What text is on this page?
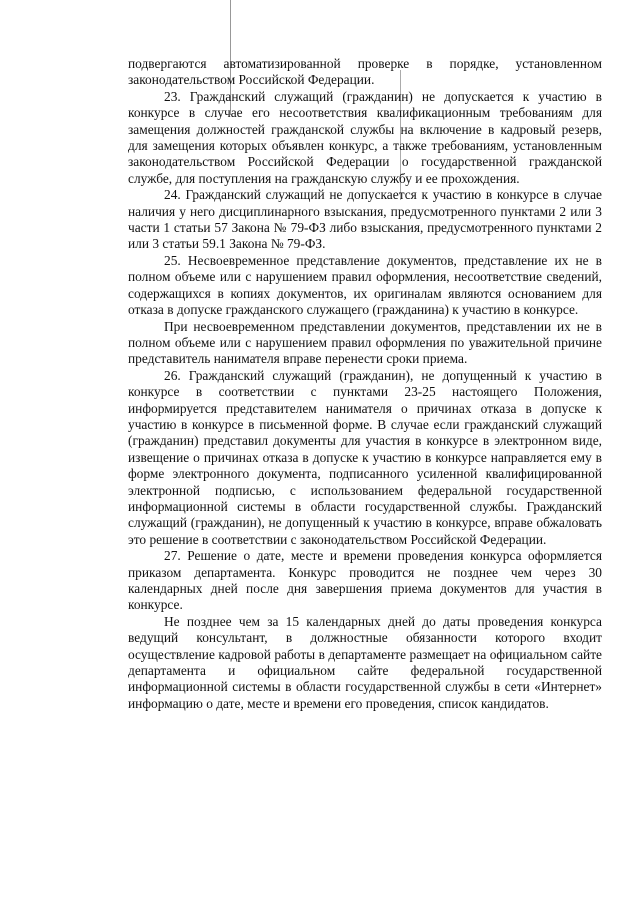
подвергаются автоматизированной проверке в порядке, установленном законодательством Российской Федерации.

23. Гражданский служащий (гражданин) не допускается к участию в конкурсе в случае его несоответствия квалификационным требованиям для замещения должностей гражданской службы на включение в кадровый резерв, для замещения которых объявлен конкурс, а также требованиям, установленным законодательством Российской Федерации о государственной гражданской службе, для поступления на гражданскую службу и ее прохождения.

24. Гражданский служащий не допускается к участию в конкурсе в случае наличия у него дисциплинарного взыскания, предусмотренного пунктами 2 или 3 части 1 статьи 57 Закона № 79-ФЗ либо взыскания, предусмотренного пунктами 2 или 3 статьи 59.1 Закона № 79-ФЗ.

25. Несвоевременное представление документов, представление их не в полном объеме или с нарушением правил оформления, несоответствие сведений, содержащихся в копиях документов, их оригиналам являются основанием для отказа в допуске гражданского служащего (гражданина) к участию в конкурсе.

При несвоевременном представлении документов, представлении их не в полном объеме или с нарушением правил оформления по уважительной причине представитель нанимателя вправе перенести сроки приема.

26. Гражданский служащий (гражданин), не допущенный к участию в конкурсе в соответствии с пунктами 23-25 настоящего Положения, информируется представителем нанимателя о причинах отказа в допуске к участию в конкурсе в письменной форме. В случае если гражданский служащий (гражданин) представил документы для участия в конкурсе в электронном виде, извещение о причинах отказа в допуске к участию в конкурсе направляется ему в форме электронного документа, подписанного усиленной квалифицированной электронной подписью, с использованием федеральной государственной информационной системы в области государственной службы. Гражданский служащий (гражданин), не допущенный к участию в конкурсе, вправе обжаловать это решение в соответствии с законодательством Российской Федерации.

27. Решение о дате, месте и времени проведения конкурса оформляется приказом департамента. Конкурс проводится не позднее чем через 30 календарных дней после дня завершения приема документов для участия в конкурсе.

Не позднее чем за 15 календарных дней до даты проведения конкурса ведущий консультант, в должностные обязанности которого входит осуществление кадровой работы в департаменте размещает на официальном сайте департамента и официальном сайте федеральной государственной информационной системы в области государственной службы в сети «Интернет» информацию о дате, месте и времени его проведения, список кандидатов.
